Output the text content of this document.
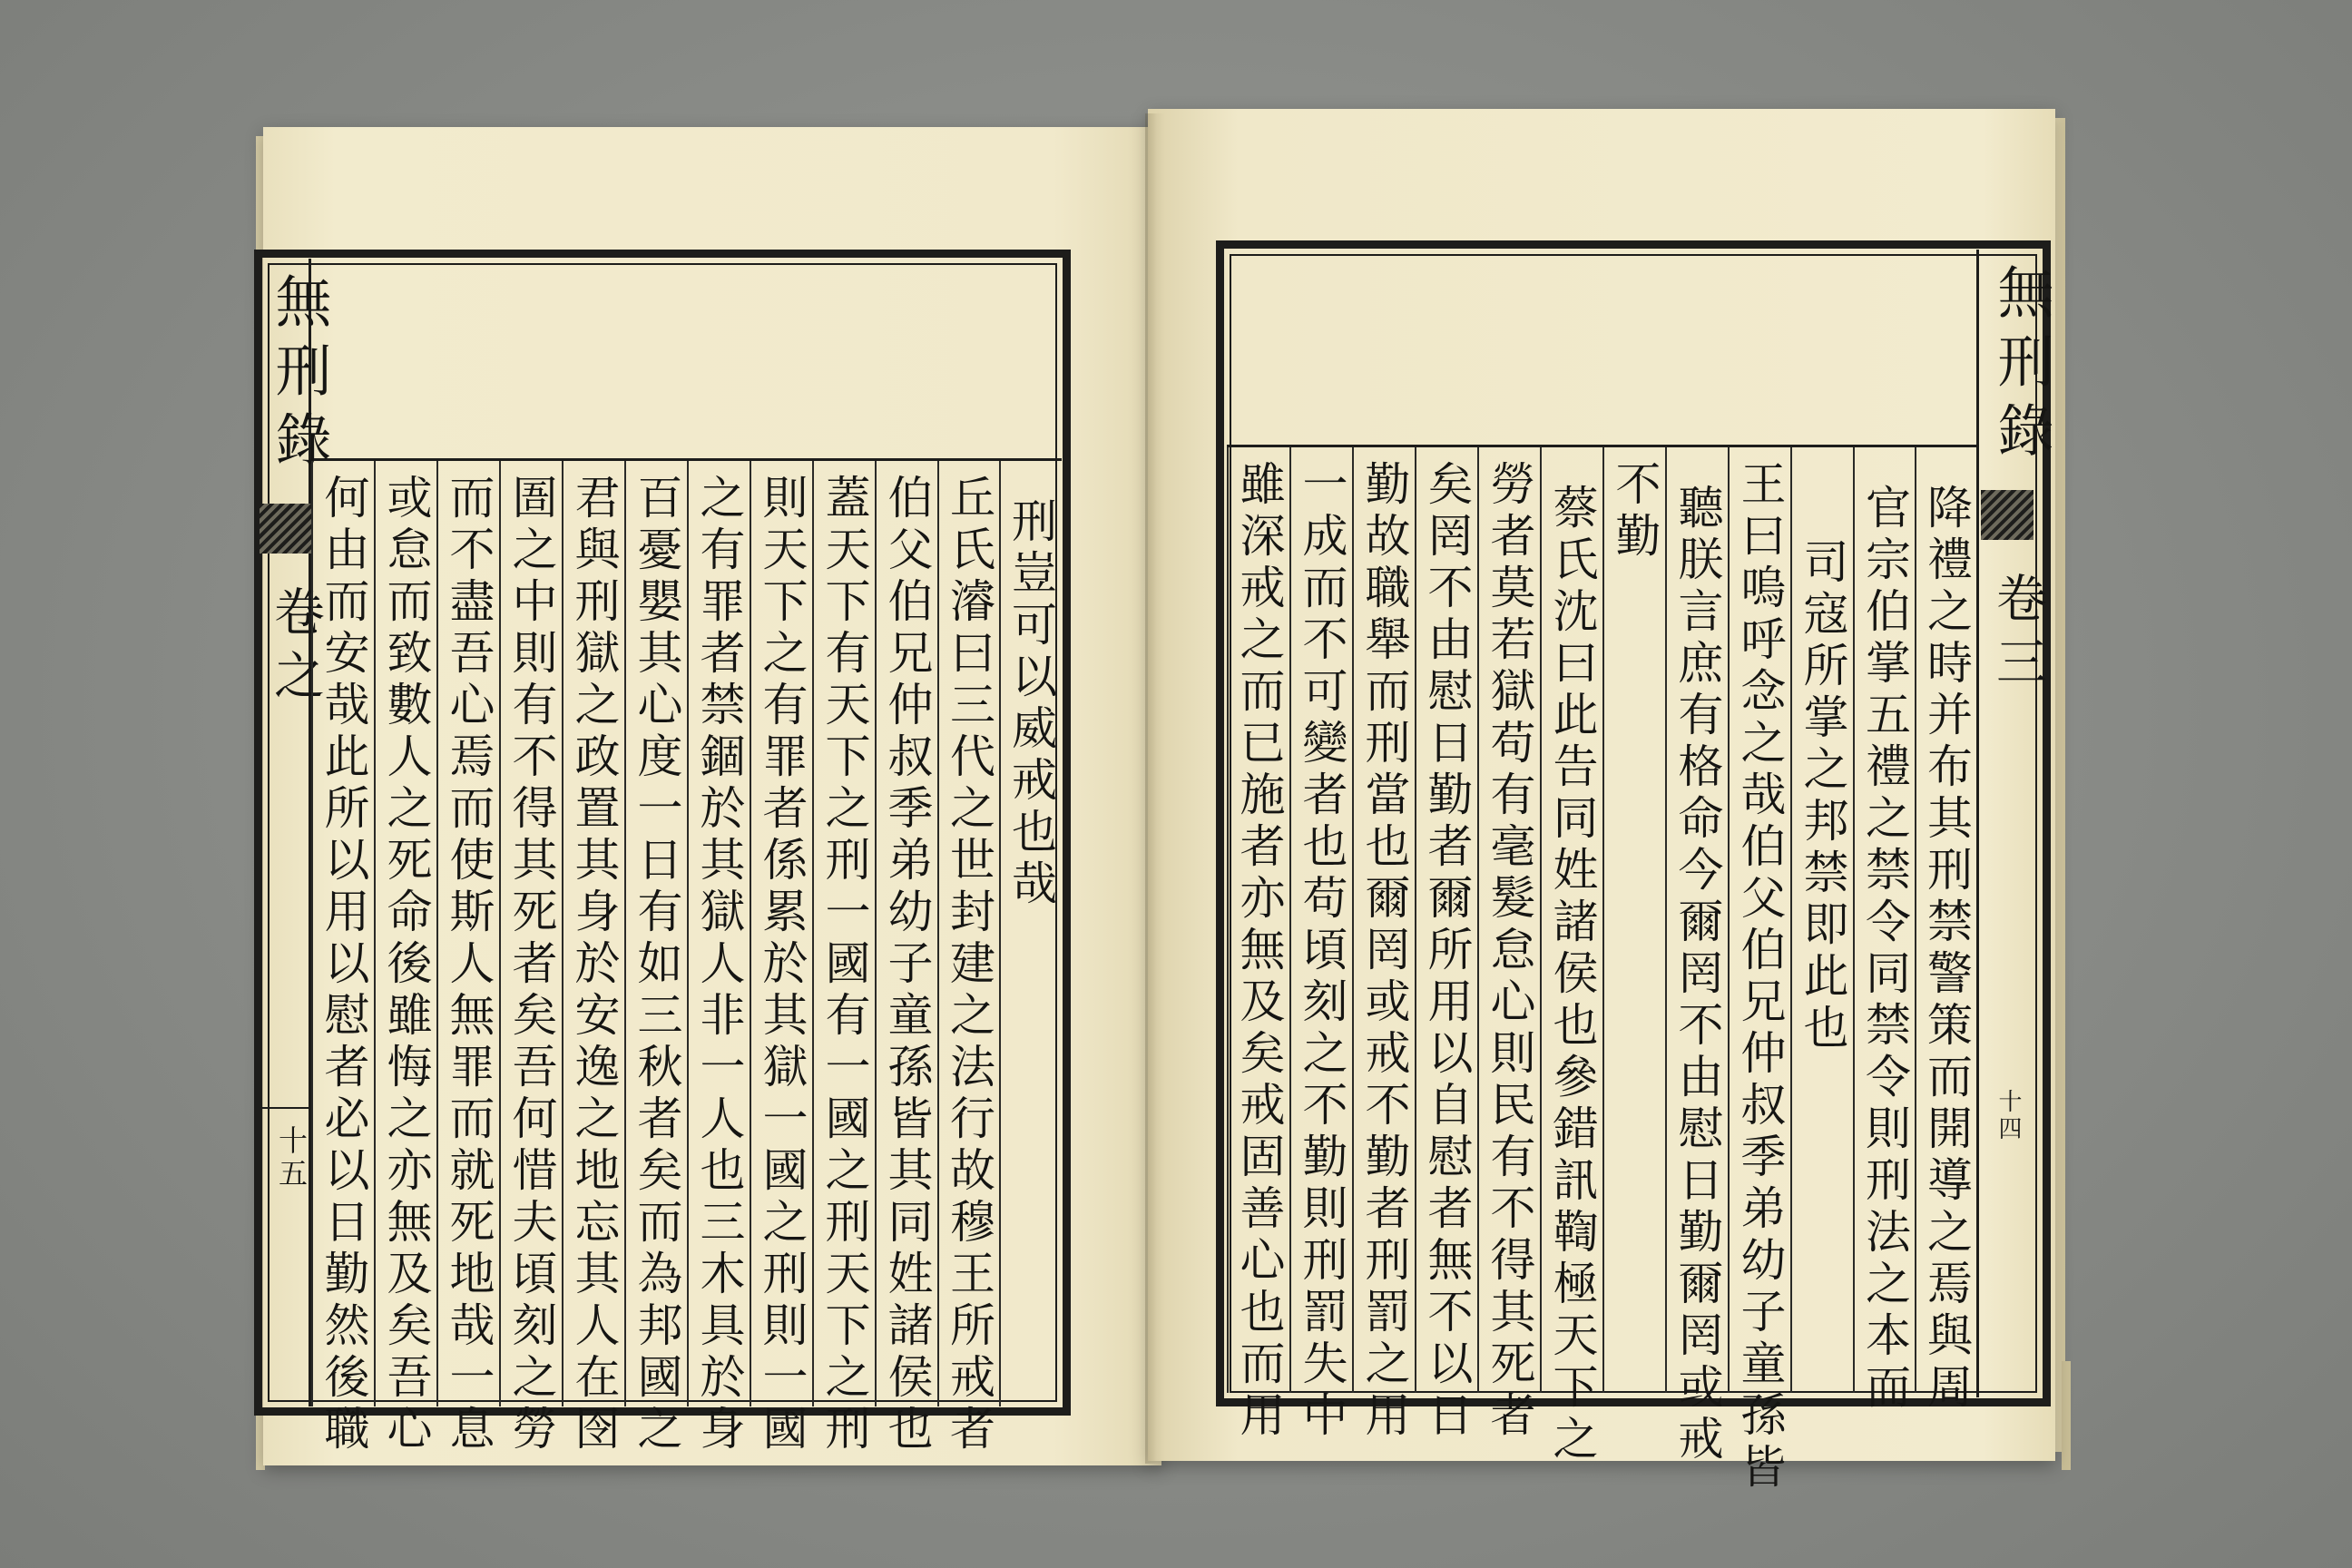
無刑錄
卷之
十五 何由而安哉此所以用以慰者必以日勤然後職 或怠而致數人之死命後雖悔之亦無及矣吾心 而不盡吾心焉而使斯人無罪而就死地哉一息 圄之中則有不得其死者矣吾何惜夫頃刻之勞 君與刑獄之政置其身於安逸之地忘其人在囹 百憂嬰其心度一日有如三秋者矣而為邦國之 之有罪者禁錮於其獄人非一人也三木具於身 則天下之有罪者係累於其獄一國之刑則一國 蓋天下有天下之刑一國有一國之刑天下之刑 伯父伯兄仲叔季弟幼子童孫皆其同姓諸侯也 丘氏濬曰三代之世封建之法行故穆王所戒者 刑豈可以威戒也哉
無刑錄
卷三
十四
雖深戒之而已施者亦無及矣戒固善心也而用 一成而不可變者也苟頃刻之不勤則刑罰失中 勤故職舉而刑當也爾罔或戒不勤者刑罰之用 矣罔不由慰日勤者爾所用以自慰者無不以日 勞者莫若獄苟有毫髮怠心則民有不得其死者 蔡氏沈曰此告同姓諸侯也參錯訊鞫極天下之 不勤 聽朕言庶有格命今爾罔不由慰日勤爾罔或戒 王曰嗚呼念之哉伯父伯兄仲叔季弟幼子童孫皆 司寇所掌之邦禁即此也 官宗伯掌五禮之禁令同禁令則刑法之本而 降禮之時并布其刑禁警策而開導之焉與周
